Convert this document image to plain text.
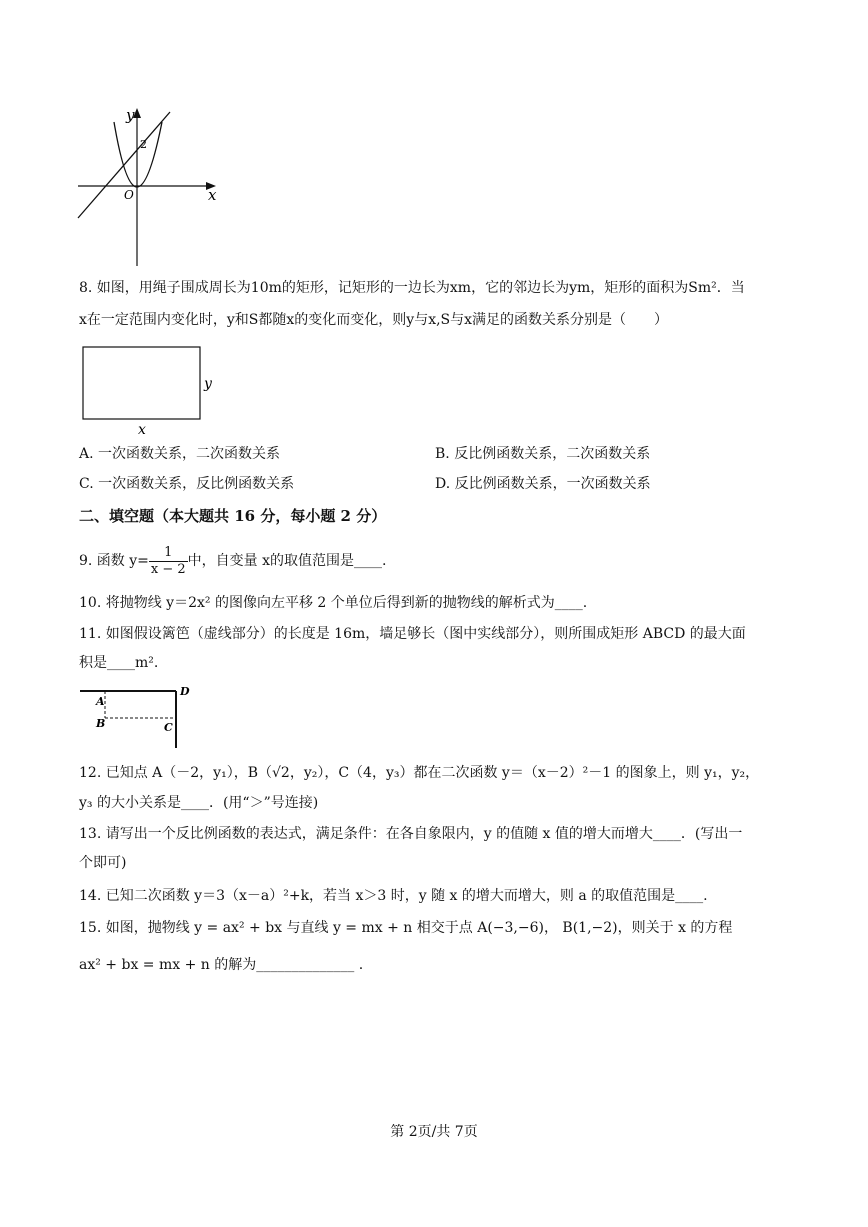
y
x
O
2
8. 如图，用绳子围成周长为10m的矩形，记矩形的一边长为xm，它的邻边长为ym，矩形的面积为Sm²．当
x在一定范围内变化时，y和S都随x的变化而变化，则y与x,S与x满足的函数关系分别是（　　）
x
y
A. 一次函数关系，二次函数关系	B. 反比例函数关系，二次函数关系
C. 一次函数关系，反比例函数关系	D. 反比例函数关系，一次函数关系
二、填空题（本大题共 16 分，每小题 2 分）
9. 函数 $y= \frac{1}{x - 2}$ 中，自变量 x的取值范围是____.
10. 将抛物线 y＝2x² 的图像向左平移 2 个单位后得到新的抛物线的解析式为____.
11. 如图假设篱笆（虚线部分）的长度是 16m，墙足够长（图中实线部分），则所围成矩形 ABCD 的最大面
积是____m².
A
B	C
D
12. 已知点 A（－2，y₁），B（√2，y₂），C（4，y₃）都在二次函数 y＝（x－2）²－1 的图象上，则 y₁，y₂，
y₃ 的大小关系是____．(用“＞”号连接)
13. 请写出一个反比例函数的表达式，满足条件：在各自象限内，y 的值随 x 值的增大而增大____．(写出一
个即可)
14. 已知二次函数 y＝3（x－a）²+k，若当 x＞3 时，y 随 x 的增大而增大，则 a 的取值范围是____.
15. 如图，抛物线 y = ax² + bx 与直线 y = mx + n 相交于点 A(−3,−6)， B(1,−2)，则关于 x 的方程
ax² + bx = mx + n 的解为______________ .
第 2页/共 7页
